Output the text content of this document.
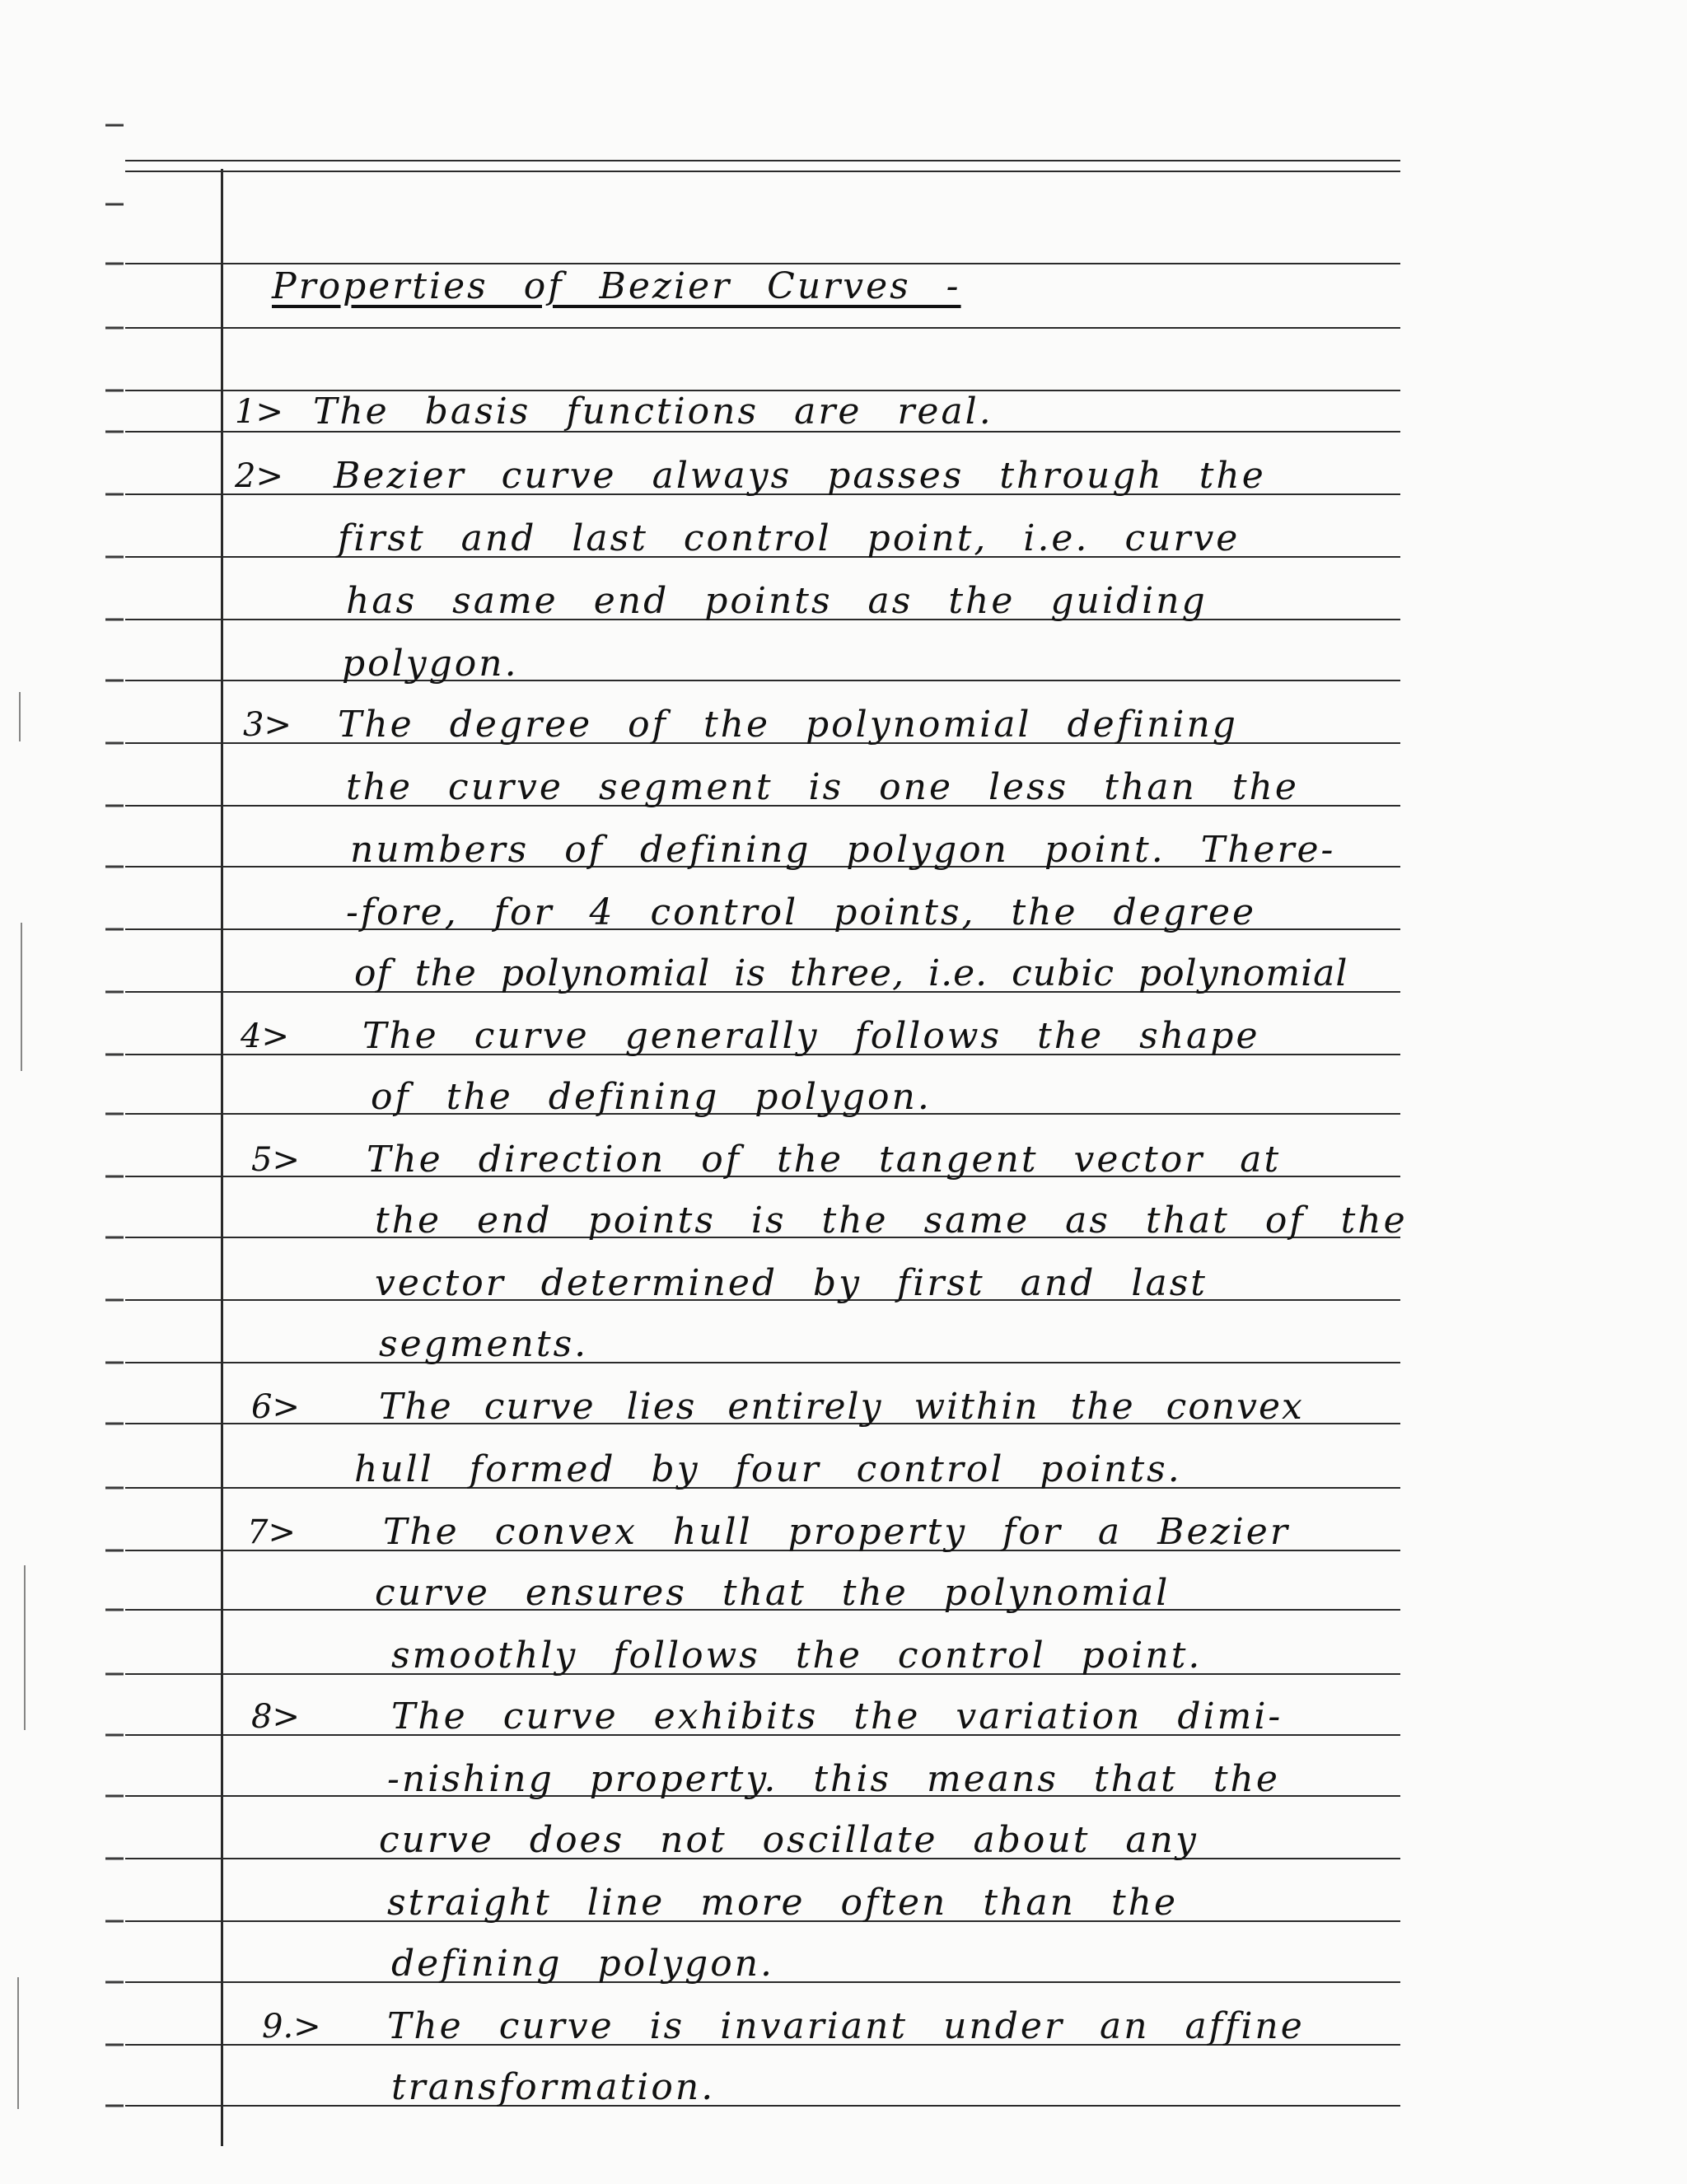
Properties of Bezier Curves -
1> The basis functions are real.
2> Bezier curve always passes through the
first and last control point, i.e. curve
has same end points as the guiding
polygon.
3> The degree of the polynomial defining
the curve segment is one less than the
numbers of defining polygon point. There-
-fore, for 4 control points, the degree
of the polynomial is three, i.e. cubic polynomial
4> The curve generally follows the shape
of the defining polygon.
5> The direction of the tangent vector at
the end points is the same as that of the
vector determined by first and last
segments.
6> The curve lies entirely within the convex
hull formed by four control points.
7> The convex hull property for a Bezier
curve ensures that the polynomial
smoothly follows the control point.
8>	The curve exhibits the variation dimi-
-nishing property. this means that the
curve does not oscillate about any
straight line more often than the
defining polygon.
9.> The curve is invariant under an affine
transformation.
